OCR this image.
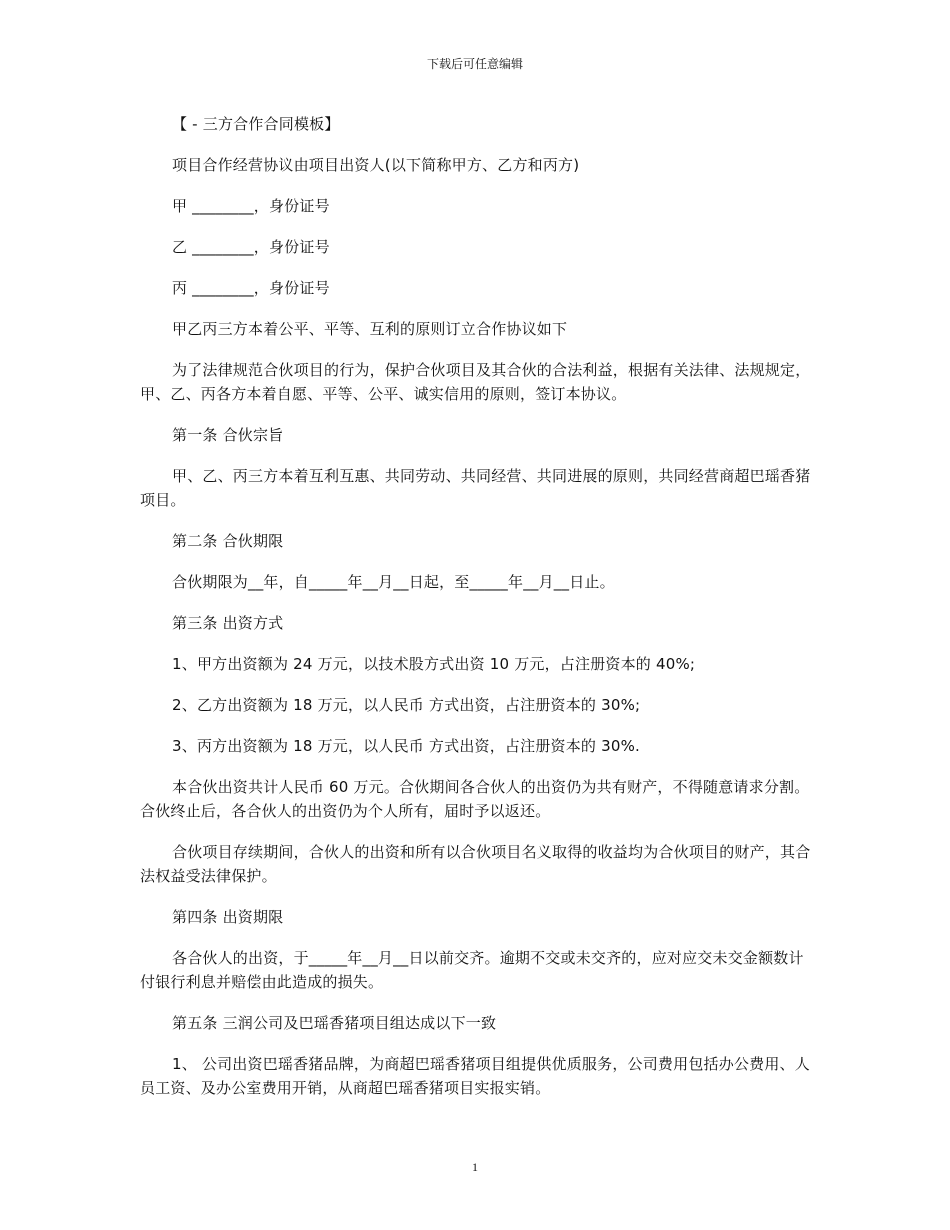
下载后可任意编辑

【 - 三方合作合同模板】

项目合作经营协议由项目出资人(以下简称甲方、乙方和丙方)

甲 ________，身份证号

乙 ________，身份证号

丙 ________，身份证号

甲乙丙三方本着公平、平等、互利的原则订立合作协议如下

为了法律规范合伙项目的行为，保护合伙项目及其合伙的合法利益，根据有关法律、法规规定，甲、乙、丙各方本着自愿、平等、公平、诚实信用的原则，签订本协议。

第一条 合伙宗旨

甲、乙、丙三方本着互利互惠、共同劳动、共同经营、共同进展的原则，共同经营商超巴瑶香猪项目。

第二条 合伙期限

合伙期限为__年，自_____年__月__日起，至_____年__月__日止。

第三条 出资方式

1、甲方出资额为 24 万元，以技术股方式出资 10 万元，占注册资本的 40%;

2、乙方出资额为 18 万元，以人民币 方式出资，占注册资本的 30%;

3、丙方出资额为 18 万元，以人民币 方式出资，占注册资本的 30%.

本合伙出资共计人民币 60 万元。合伙期间各合伙人的出资仍为共有财产，不得随意请求分割。合伙终止后，各合伙人的出资仍为个人所有，届时予以返还。

合伙项目存续期间，合伙人的出资和所有以合伙项目名义取得的收益均为合伙项目的财产，其合法权益受法律保护。

第四条 出资期限

各合伙人的出资，于_____年__月__日以前交齐。逾期不交或未交齐的，应对应交未交金额数计付银行利息并赔偿由此造成的损失。

第五条 三润公司及巴瑶香猪项目组达成以下一致

1、 公司出资巴瑶香猪品牌，为商超巴瑶香猪项目组提供优质服务，公司费用包括办公费用、人员工资、及办公室费用开销，从商超巴瑶香猪项目实报实销。

1
